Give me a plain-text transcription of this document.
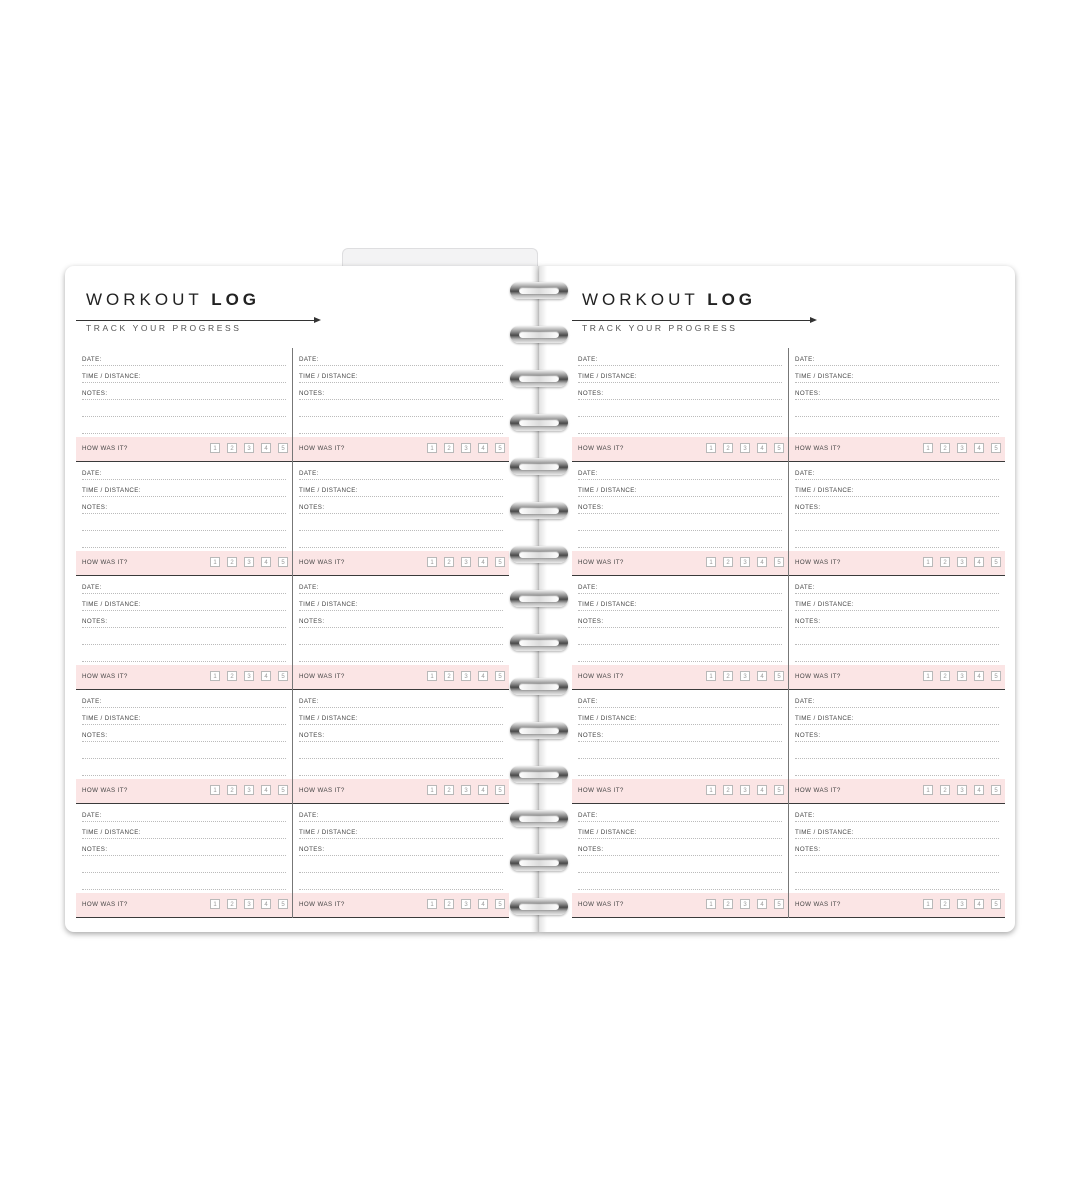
WORKOUT LOG
TRACK YOUR PROGRESS
WORKOUT LOG
TRACK YOUR PROGRESS
DATE:
TIME / DISTANCE:
NOTES:
HOW WAS IT?	1	2	3	4	5
DATE:
TIME / DISTANCE:
NOTES:
HOW WAS IT?	1	2	3	4	5
DATE:
TIME / DISTANCE:
NOTES:
HOW WAS IT?	1	2	3	4	5
DATE:
TIME / DISTANCE:
NOTES:
HOW WAS IT?	1	2	3	4	5
DATE:
TIME / DISTANCE:
NOTES:
HOW WAS IT?	1	2	3	4	5
DATE:
TIME / DISTANCE:
NOTES:
HOW WAS IT?	1	2	3	4	5
DATE:
TIME / DISTANCE:
NOTES:
HOW WAS IT?	1	2	3	4	5
DATE:
TIME / DISTANCE:
NOTES:
HOW WAS IT?	1	2	3	4	5
DATE:
TIME / DISTANCE:
NOTES:
HOW WAS IT?	1	2	3	4	5
DATE:
TIME / DISTANCE:
NOTES:
HOW WAS IT?	1	2	3	4	5
DATE:
TIME / DISTANCE:
NOTES:
HOW WAS IT?	1	2	3	4	5
DATE:
TIME / DISTANCE:
NOTES:
HOW WAS IT?	1	2	3	4	5
DATE:
TIME / DISTANCE:
NOTES:
HOW WAS IT?	1	2	3	4	5
DATE:
TIME / DISTANCE:
NOTES:
HOW WAS IT?	1	2	3	4	5
DATE:
TIME / DISTANCE:
NOTES:
HOW WAS IT?	1	2	3	4	5
DATE:
TIME / DISTANCE:
NOTES:
HOW WAS IT?	1	2	3	4	5
DATE:
TIME / DISTANCE:
NOTES:
HOW WAS IT?	1	2	3	4	5
DATE:
TIME / DISTANCE:
NOTES:
HOW WAS IT?	1	2	3	4	5
DATE:
TIME / DISTANCE:
NOTES:
HOW WAS IT?	1	2	3	4	5
DATE:
TIME / DISTANCE:
NOTES:
HOW WAS IT?	1	2	3	4	5
